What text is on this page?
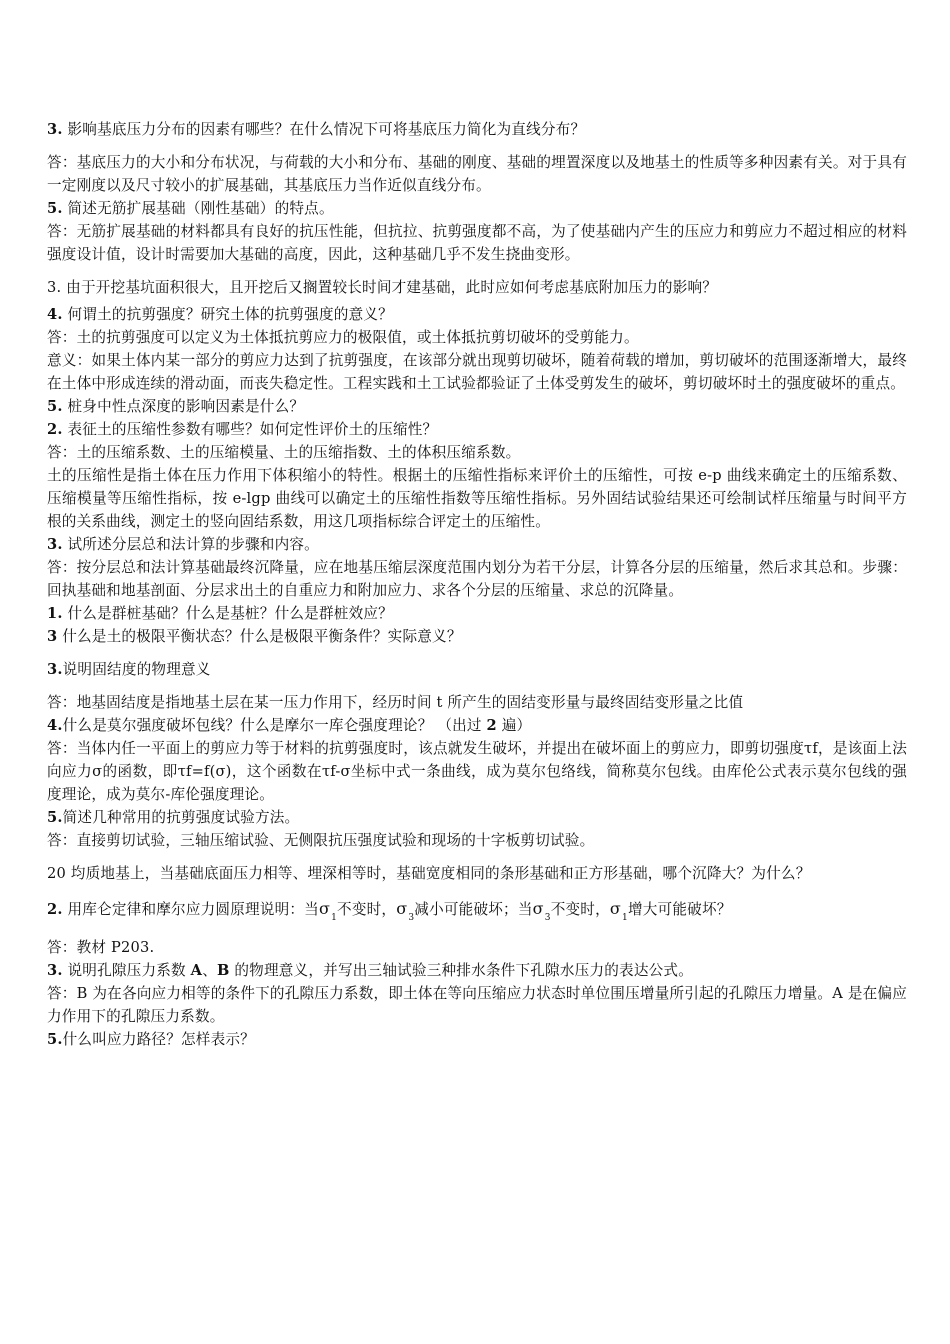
3. 影响基底压力分布的因素有哪些？在什么情况下可将基底压力简化为直线分布？

答：基底压力的大小和分布状况，与荷载的大小和分布、基础的刚度、基础的埋置深度以及地基土的性质等多种因素有关。对于具有一定刚度以及尺寸较小的扩展基础，其基底压力当作近似直线分布。

5. 简述无筋扩展基础（刚性基础）的特点。

答：无筋扩展基础的材料都具有良好的抗压性能，但抗拉、抗剪强度都不高，为了使基础内产生的压应力和剪应力不超过相应的材料强度设计值，设计时需要加大基础的高度，因此，这种基础几乎不发生挠曲变形。

3. 由于开挖基坑面积很大，且开挖后又搁置较长时间才建基础，此时应如何考虑基底附加压力的影响？

4. 何谓土的抗剪强度？研究土体的抗剪强度的意义？

答：土的抗剪强度可以定义为土体抵抗剪应力的极限值，或土体抵抗剪切破坏的受剪能力。

意义：如果土体内某一部分的剪应力达到了抗剪强度，在该部分就出现剪切破坏，随着荷载的增加，剪切破坏的范围逐渐增大，最终在土体中形成连续的滑动面，而丧失稳定性。工程实践和土工试验都验证了土体受剪发生的破坏，剪切破坏时土的强度破坏的重点。

5. 桩身中性点深度的影响因素是什么？

2. 表征土的压缩性参数有哪些？如何定性评价土的压缩性？

答：土的压缩系数、土的压缩模量、土的压缩指数、土的体积压缩系数。

土的压缩性是指土体在压力作用下体积缩小的特性。根据土的压缩性指标来评价土的压缩性，可按 e-p 曲线来确定土的压缩系数、压缩模量等压缩性指标，按 e-lgp 曲线可以确定土的压缩性指数等压缩性指标。另外固结试验结果还可绘制试样压缩量与时间平方根的关系曲线，测定土的竖向固结系数，用这几项指标综合评定土的压缩性。

3. 试所述分层总和法计算的步骤和内容。

答：按分层总和法计算基础最终沉降量，应在地基压缩层深度范围内划分为若干分层，计算各分层的压缩量，然后求其总和。步骤：回执基础和地基剖面、分层求出土的自重应力和附加应力、求各个分层的压缩量、求总的沉降量。

1. 什么是群桩基础？什么是基桩？什么是群桩效应？

3 什么是土的极限平衡状态？什么是极限平衡条件？实际意义？

3.说明固结度的物理意义

答：地基固结度是指地基土层在某一压力作用下，经历时间 t 所产生的固结变形量与最终固结变形量之比值

4.什么是莫尔强度破坏包线？什么是摩尔一库仑强度理论？ （出过 2 遍）

答：当体内任一平面上的剪应力等于材料的抗剪强度时，该点就发生破坏，并提出在破坏面上的剪应力，即剪切强度τf，是该面上法向应力σ的函数，即τf=f(σ)，这个函数在τf-σ坐标中式一条曲线，成为莫尔包络线，简称莫尔包线。由库伦公式表示莫尔包线的强度理论，成为莫尔-库伦强度理论。

5.简述几种常用的抗剪强度试验方法。

答：直接剪切试验，三轴压缩试验、无侧限抗压强度试验和现场的十字板剪切试验。

20 均质地基上，当基础底面压力相等、埋深相等时，基础宽度相同的条形基础和正方形基础，哪个沉降大？为什么？

2. 用库仑定律和摩尔应力圆原理说明：当$\sigma_1$不变时，$\sigma_3$减小可能破坏；当$\sigma_3$不变时，$\sigma_1$增大可能破坏？

答：教材 P203.

3. 说明孔隙压力系数 A、B 的物理意义，并写出三轴试验三种排水条件下孔隙水压力的表达公式。

答：B 为在各向应力相等的条件下的孔隙压力系数，即土体在等向压缩应力状态时单位围压增量所引起的孔隙压力增量。A 是在偏应力作用下的孔隙压力系数。

5.什么叫应力路径？怎样表示？
